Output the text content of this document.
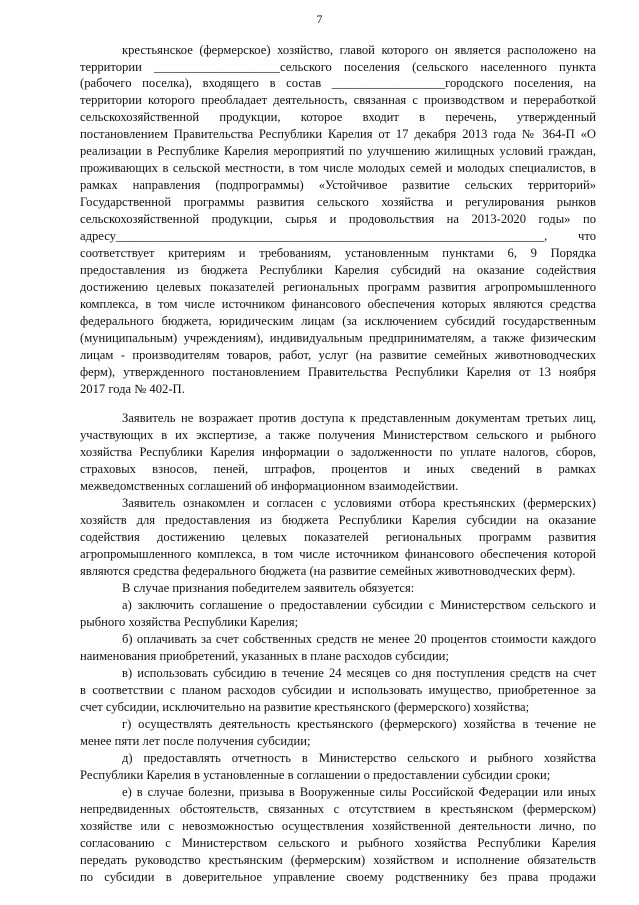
7
крестьянское (фермерское) хозяйство, главой которого он является расположено на
территории ____________________сельского поселения (сельского населенного пункта
(рабочего поселка), входящего в состав __________________городского поселения, на
территории которого преобладает деятельность, связанная с производством и переработкой
сельскохозяйственной продукции, которое входит в перечень, утвержденный
постановлением Правительства Республики Карелия от 17 декабря 2013 года № 364-П «О
реализации в Республике Карелия мероприятий по улучшению жилищных условий граждан,
проживающих в сельской местности, в том числе молодых семей и молодых специалистов, в
рамках направления (подпрограммы) «Устойчивое развитие сельских территорий»
Государственной программы развития сельского хозяйства и регулирования рынков
сельскохозяйственной продукции, сырья и продовольствия на 2013-2020 годы» по
адресу____________________________________________________________________, что
соответствует критериям и требованиям, установленным пунктами 6, 9 Порядка
предоставления из бюджета Республики Карелия субсидий на оказание содействия
достижению целевых показателей региональных программ развития агропромышленного
комплекса, в том числе источником финансового обеспечения которых являются средства
федерального бюджета, юридическим лицам (за исключением субсидий государственным
(муниципальным) учреждениям), индивидуальным предпринимателям, а также физическим
лицам - производителям товаров, работ, услуг (на развитие семейных животноводческих
ферм), утвержденного постановлением Правительства Республики Карелия от 13 ноября
2017 года № 402-П.
Заявитель не возражает против доступа к представленным документам третьих лиц,
участвующих в их экспертизе, а также получения Министерством сельского и рыбного
хозяйства Республики Карелия информации о задолженности по уплате налогов, сборов,
страховых взносов, пеней, штрафов, процентов и иных сведений в рамках
межведомственных соглашений об информационном взаимодействии.
Заявитель ознакомлен и согласен с условиями отбора крестьянских (фермерских)
хозяйств для предоставления из бюджета Республики Карелия субсидии на оказание
содействия достижению целевых показателей региональных программ развития
агропромышленного комплекса, в том числе источником финансового обеспечения которой
являются средства федерального бюджета (на развитие семейных животноводческих ферм).
В случае признания победителем заявитель обязуется:
а) заключить соглашение о предоставлении субсидии с Министерством сельского и
рыбного хозяйства Республики Карелия;
б) оплачивать за счет собственных средств не менее 20 процентов стоимости каждого
наименования приобретений, указанных в плане расходов субсидии;
в) использовать субсидию в течение 24 месяцев со дня поступления средств на счет
в соответствии с планом расходов субсидии и использовать имущество, приобретенное за
счет субсидии, исключительно на развитие крестьянского (фермерского) хозяйства;
г) осуществлять деятельность крестьянского (фермерского) хозяйства в течение не
менее пяти лет после получения субсидии;
д) предоставлять отчетность в Министерство сельского и рыбного хозяйства
Республики Карелия в установленные в соглашении о предоставлении субсидии сроки;
е) в случае болезни, призыва в Вооруженные силы Российской Федерации или иных
непредвиденных обстоятельств, связанных с отсутствием в крестьянском (фермерском)
хозяйстве или с невозможностью осуществления хозяйственной деятельности лично, по
согласованию с Министерством сельского и рыбного хозяйства Республики Карелия
передать руководство крестьянским (фермерским) хозяйством и исполнение обязательств
по субсидии в доверительное управление своему родственнику без права продажи
